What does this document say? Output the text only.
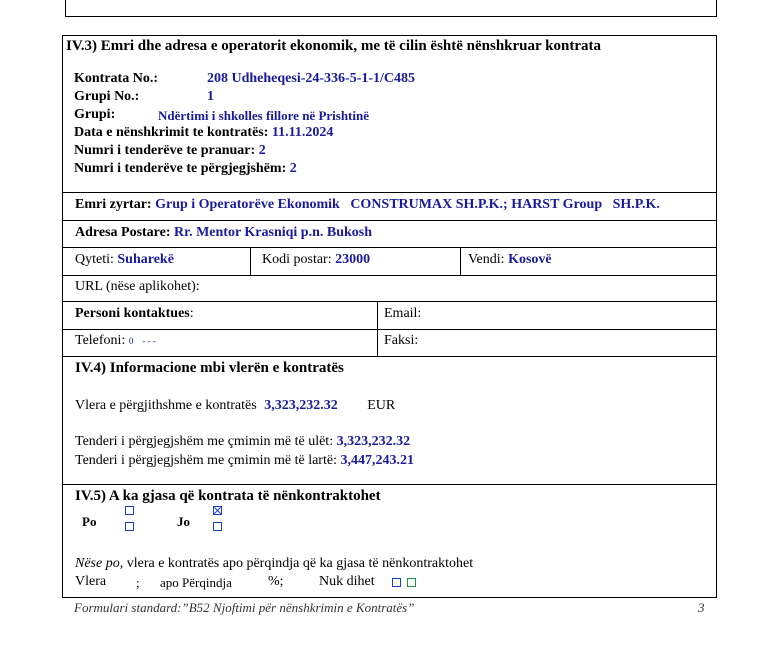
IV.3) Emri dhe adresa e operatorit ekonomik, me të cilin është nënshkruar kontrata
Kontrata No.:	208 Udheheqesi-24-336-5-1-1/C485
Grupi No.:	1
Grupi:	Ndërtimi i shkolles fillore në Prishtinë
Data e nënshkrimit te kontratës: 11.11.2024
Numri i tenderëve te pranuar: 2
Numri i tenderëve te përgjegjshëm: 2
Emri zyrtar: Grup i Operatorëve Ekonomik   CONSTRUMAX SH.P.K.; HARST Group   SH.P.K.
Adresa Postare: Rr. Mentor Krasniqi p.n. Bukosh
Qyteti: Suharekë	Kodi postar: 23000	Vendi: Kosovë
URL (nëse aplikohet):
Personi kontaktues:	Email:
Telefoni: 0    - - -	Faksi:
IV.4) Informacione mbi vlerën e kontratës
Vlera e përgjithshme e kontratës 3,323,232.32 EUR
Tenderi i përgjegjshëm me çmimin më të ulët: 3,323,232.32
Tenderi i përgjegjshëm me çmimin më të lartë: 3,447,243.21
IV.5) A ka gjasa që kontrata të nënkontraktohet
Po	Jo
Nëse po, vlera e kontratës apo përqindja që ka gjasa të nënkontraktohet
Vlera ; apo Përqindja	%;	Nuk dihet
Formulari standard:”B52 Njoftimi për nënshkrimin e Kontratës”	3
